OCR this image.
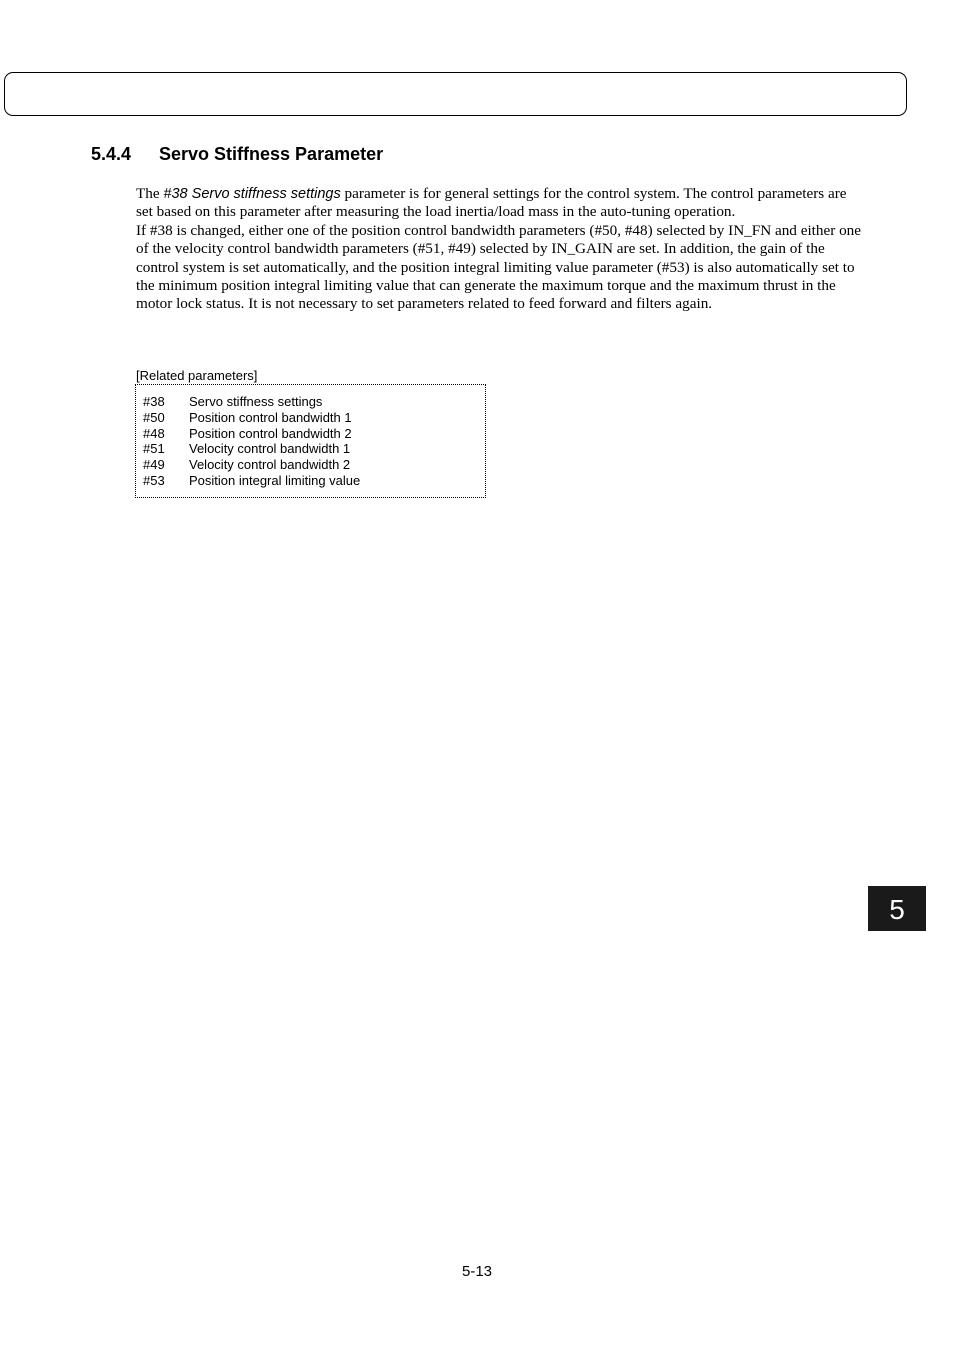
5.4.4 Servo Stiffness Parameter

The #38 Servo stiffness settings parameter is for general settings for the control system. The control parameters are set based on this parameter after measuring the load inertia/load mass in the auto-tuning operation.

If #38 is changed, either one of the position control bandwidth parameters (#50, #48) selected by IN_FN and either one of the velocity control bandwidth parameters (#51, #49) selected by IN_GAIN are set. In addition, the gain of the control system is set automatically, and the position integral limiting value parameter (#53) is also automatically set to the minimum position integral limiting value that can generate the maximum torque and the maximum thrust in the motor lock status. It is not necessary to set parameters related to feed forward and filters again.

[Related parameters]
#38 Servo stiffness settings
#50 Position control bandwidth 1
#48 Position control bandwidth 2
#51 Velocity control bandwidth 1
#49 Velocity control bandwidth 2
#53 Position integral limiting value
5
5-13
